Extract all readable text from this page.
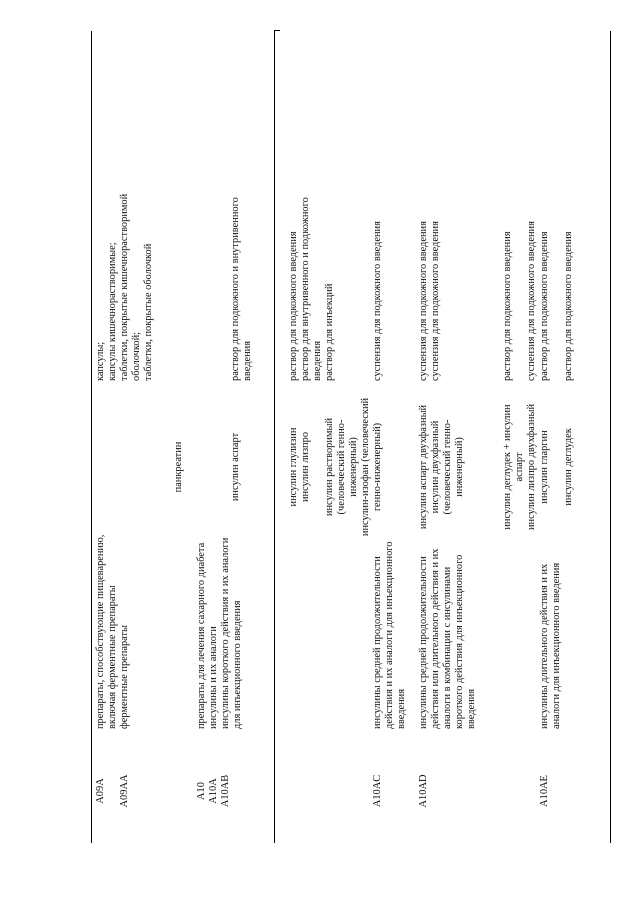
A09A

A09AA
препараты, способствующие пищеварению,
включая ферментные препараты
ферментные препараты
панкреатин
капсулы;
капсулы кишечнорастворимые;
таблетки, покрытые кишечнорастворимой
оболочкой;
таблетки, покрытые оболочкой
A10
A10A
A10AB
препараты для лечения сахарного диабета
инсулины и их аналоги
инсулины короткого действия и их аналоги
для инъекционного введения
инсулин аспарт
раствор для подкожного и внутривенного
введения
инсулин глулизин
инсулин лизпро

инсулин растворимый
(человеческий генно-
инженерный)
раствор для подкожного введения
раствор для внутривенного и подкожного
введения
раствор для инъекций
A10AC
инсулины средней продолжительности
действия и их аналоги для инъекционного
введения
инсулин-изофан (человеческий
генно-инженерный)
суспензия для подкожного введения
A10AD
инсулины средней продолжительности
действия или длительного действия и их
аналоги в комбинации с инсулинами
короткого действия для инъекционного
введения
инсулин аспарт двухфазный
инсулин двухфазный
(человеческий генно-
инженерный)
суспензия для подкожного введения
суспензия для подкожного введения
инсулин деглудек + инсулин
аспарт
инсулин лизпро двухфазный
раствор для подкожного введения

суспензия для подкожного введения
A10AE
инсулины длительного действия и их
аналоги для инъекционного введения
инсулин гларгин

инсулин деглудек
раствор для подкожного введения

раствор для подкожного введения
